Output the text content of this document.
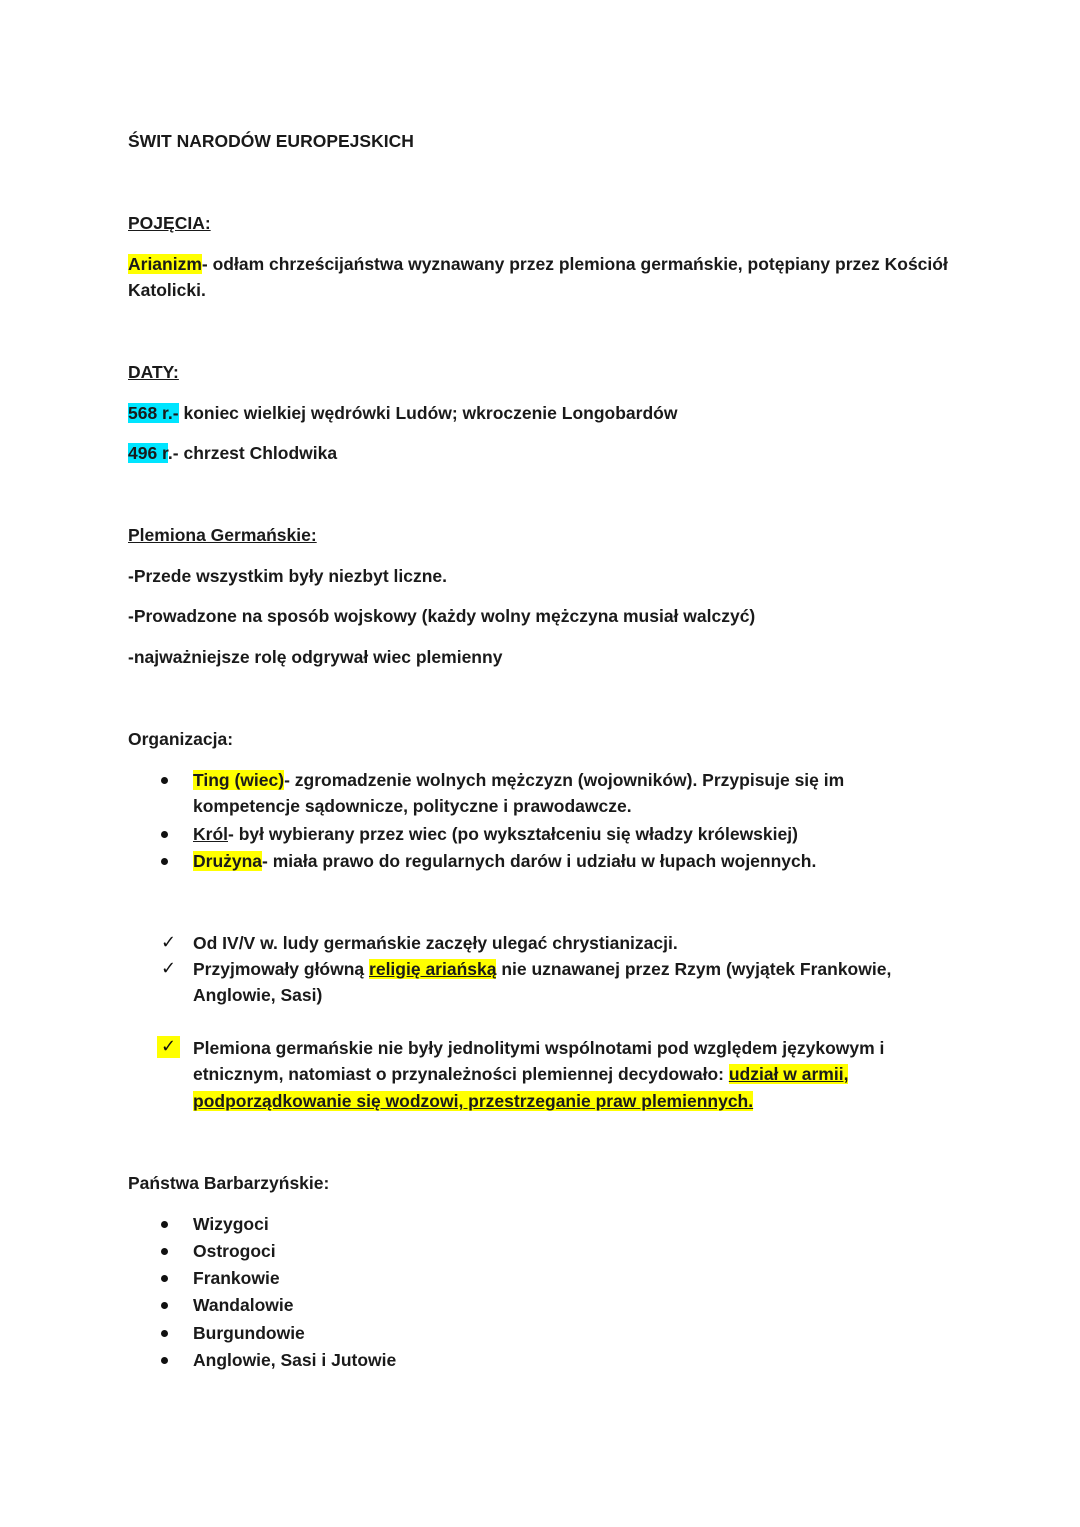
ŚWIT NARODÓW EUROPEJSKICH
POJĘCIA:
Arianizm- odłam chrześcijaństwa wyznawany przez plemiona germańskie, potępiany przez Kościół
Katolicki.
DATY:
568 r.- koniec wielkiej wędrówki Ludów; wkroczenie Longobardów
496 r.- chrzest Chlodwika
Plemiona Germańskie:
-Przede wszystkim były niezbyt liczne.
-Prowadzone na sposób wojskowy (każdy wolny mężczyna musiał walczyć)
-najważniejsze rolę odgrywał wiec plemienny
Organizacja:
Ting (wiec)- zgromadzenie wolnych mężczyzn (wojowników). Przypisuje się im
kompetencje sądownicze, polityczne i prawodawcze.
Król- był wybierany przez wiec (po wykształceniu się władzy królewskiej)
Drużyna- miała prawo do regularnych darów i udziału w łupach wojennych.
✓ Od IV/V w. ludy germańskie zaczęły ulegać chrystianizacji.
✓ Przyjmowały główną religię ariańską nie uznawanej przez Rzym (wyjątek Frankowie,
Anglowie, Sasi)
✓ Plemiona germańskie nie były jednolitymi wspólnotami pod względem językowym i
etnicznym, natomiast o przynależności plemiennej decydowało: udział w armii,
podporządkowanie się wodzowi, przestrzeganie praw plemiennych.
Państwa Barbarzyńskie:
Wizygoci
Ostrogoci
Frankowie
Wandalowie
Burgundowie
Anglowie, Sasi i Jutowie
